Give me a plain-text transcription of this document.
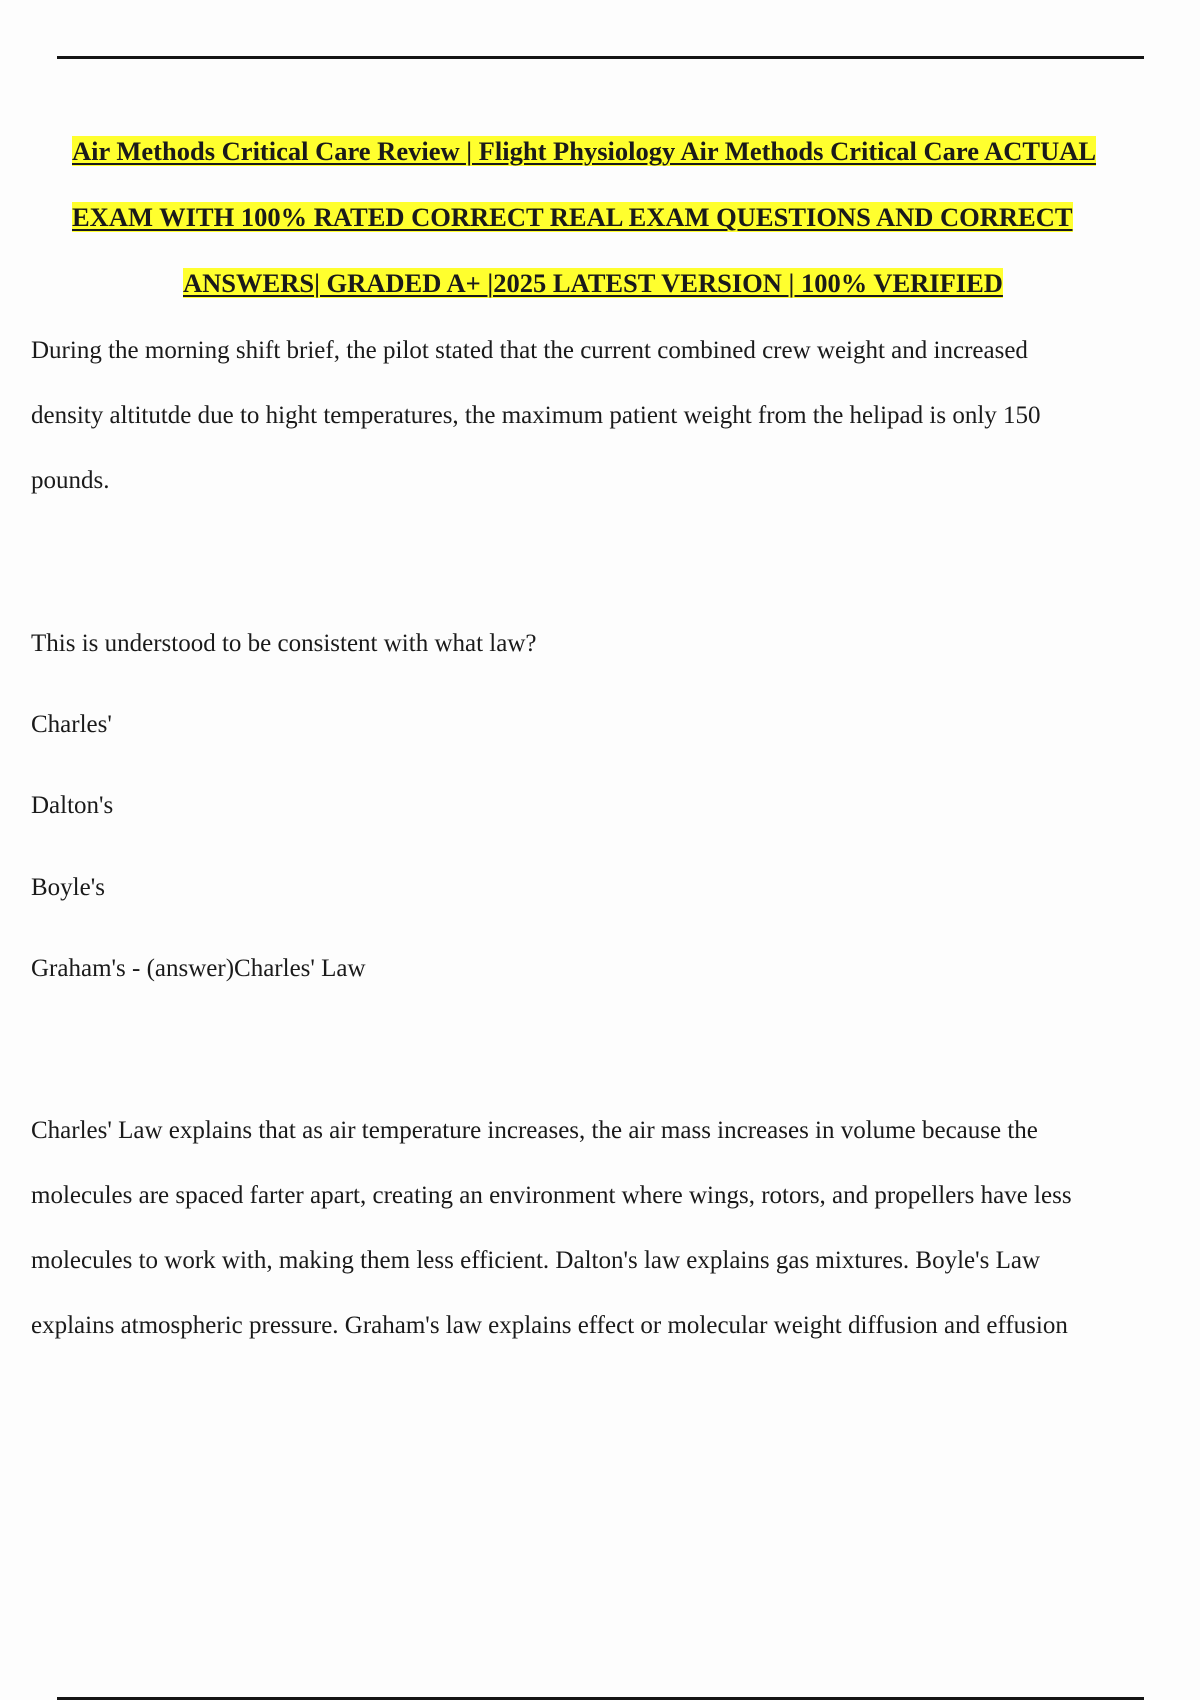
Air Methods Critical Care Review | Flight Physiology Air Methods Critical Care ACTUAL
EXAM WITH 100% RATED CORRECT REAL EXAM QUESTIONS AND CORRECT
ANSWERS| GRADED A+ |2025 LATEST VERSION | 100% VERIFIED
During the morning shift brief, the pilot stated that the current combined crew weight and increased
density altitutde due to hight temperatures, the maximum patient weight from the helipad is only 150
pounds.
This is understood to be consistent with what law?
Charles'
Dalton's
Boyle's
Graham's - (answer)Charles' Law
Charles' Law explains that as air temperature increases, the air mass increases in volume because the
molecules are spaced farter apart, creating an environment where wings, rotors, and propellers have less
molecules to work with, making them less efficient. Dalton's law explains gas mixtures. Boyle's Law
explains atmospheric pressure. Graham's law explains effect or molecular weight diffusion and effusion
